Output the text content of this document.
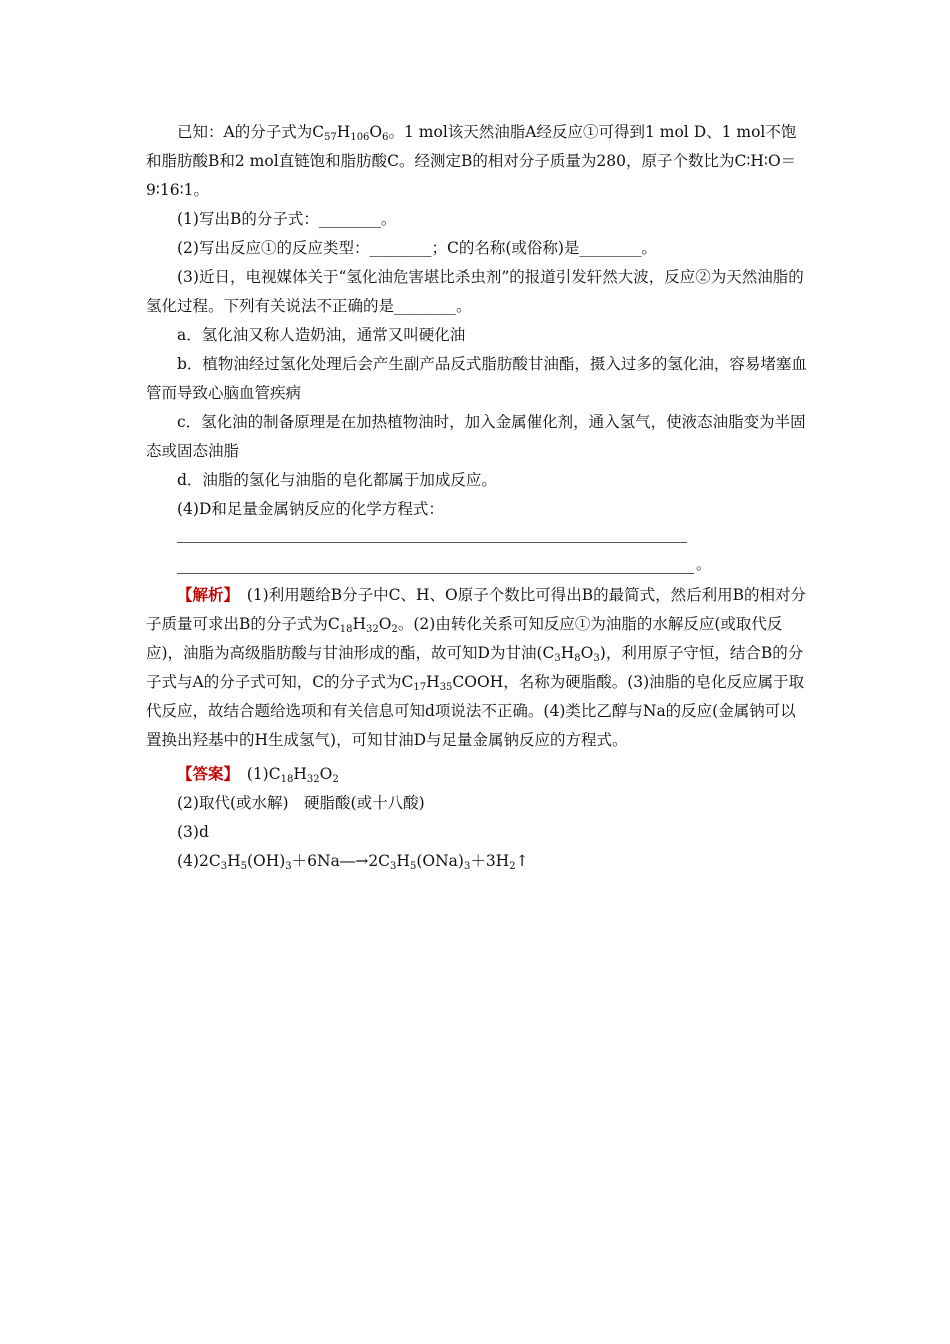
已知：A的分子式为$C_{57}H_{106}O_6$。1 mol该天然油脂A经反应①可得到1 mol D、1 mol不饱和脂肪酸B和2 mol直链饱和脂肪酸C。经测定B的相对分子质量为280，原子个数比为C∶H∶O＝9∶16∶1。

(1)写出B的分子式：________。

(2)写出反应①的反应类型：________；C的名称(或俗称)是________。

(3)近日，电视媒体关于“氢化油危害堪比杀虫剂”的报道引发轩然大波，反应②为天然油脂的氢化过程。下列有关说法不正确的是________。

a．氢化油又称人造奶油，通常又叫硬化油

b．植物油经过氢化处理后会产生副产品反式脂肪酸甘油酯，摄入过多的氢化油，容易堵塞血管而导致心脑血管疾病

c．氢化油的制备原理是在加热植物油时，加入金属催化剂，通入氢气，使液态油脂变为半固态或固态油脂

d．油脂的氢化与油脂的皂化都属于加成反应。

(4)D和足量金属钠反应的化学方程式：

。

【解析】　(1)利用题给B分子中C、H、O原子个数比可得出B的最简式，然后利用B的相对分子质量可求出B的分子式为$C_{18}H_{32}O_2$。(2)由转化关系可知反应①为油脂的水解反应(或取代反应)，油脂为高级脂肪酸与甘油形成的酯，故可知D为甘油$(C_3H_8O_3)$，利用原子守恒，结合B的分子式与A的分子式可知，C的分子式为$C_{17}H_{35}COOH$，名称为硬脂酸。(3)油脂的皂化反应属于取代反应，故结合题给选项和有关信息可知d项说法不正确。(4)类比乙醇与Na的反应(金属钠可以置换出羟基中的H生成氢气)，可知甘油D与足量金属钠反应的方程式。

【答案】　$(1)C_{18}H_{32}O_2$

(2)取代(或水解)　硬脂酸(或十八酸)

(3)d

$(4)2C_3H_5(OH)_3+6Na―\to 2C_3H_5(ONa)_3+3H_2↑$
